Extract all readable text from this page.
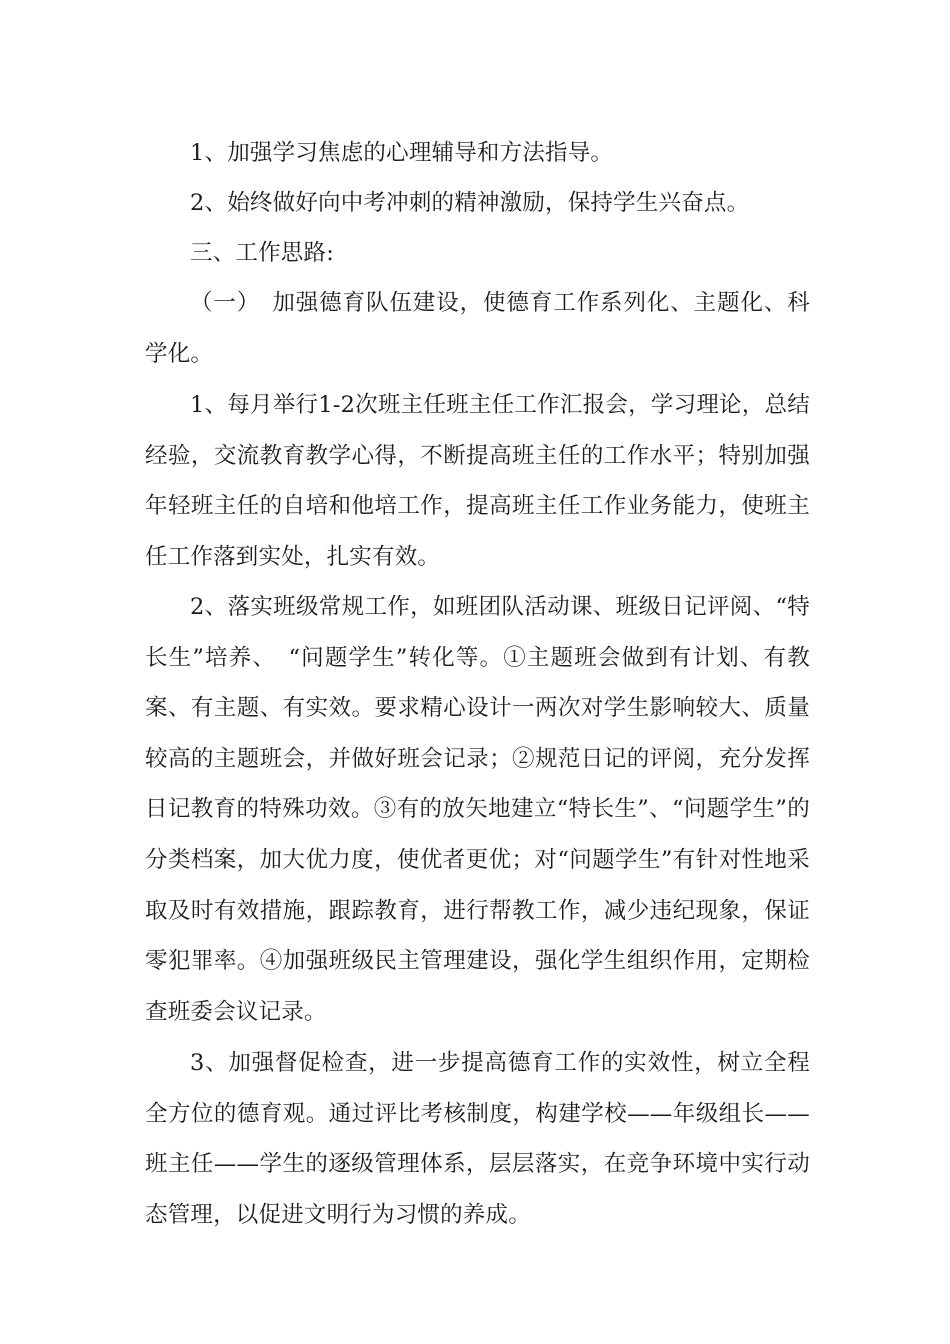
1、加强学习焦虑的心理辅导和方法指导。

2、始终做好向中考冲刺的精神激励，保持学生兴奋点。

三、工作思路:

（一）　加强德育队伍建设，使德育工作系列化、主题化、科学化。

1、每月举行1-2次班主任班主任工作汇报会，学习理论，总结经验，交流教育教学心得，不断提高班主任的工作水平；特别加强年轻班主任的自培和他培工作，提高班主任工作业务能力，使班主任工作落到实处，扎实有效。

2、落实班级常规工作，如班团队活动课、班级日记评阅、“特长生”培养、　“问题学生”转化等。①主题班会做到有计划、有教案、有主题、有实效。要求精心设计一两次对学生影响较大、质量较高的主题班会，并做好班会记录；②规范日记的评阅，充分发挥日记教育的特殊功效。③有的放矢地建立“特长生”、“问题学生”的分类档案，加大优力度，使优者更优；对“问题学生”有针对性地采取及时有效措施，跟踪教育，进行帮教工作，减少违纪现象，保证零犯罪率。④加强班级民主管理建设，强化学生组织作用，定期检查班委会议记录。

3、加强督促检查，进一步提高德育工作的实效性，树立全程全方位的德育观。通过评比考核制度，构建学校——年级组长——班主任——学生的逐级管理体系，层层落实，在竞争环境中实行动态管理，以促进文明行为习惯的养成。
